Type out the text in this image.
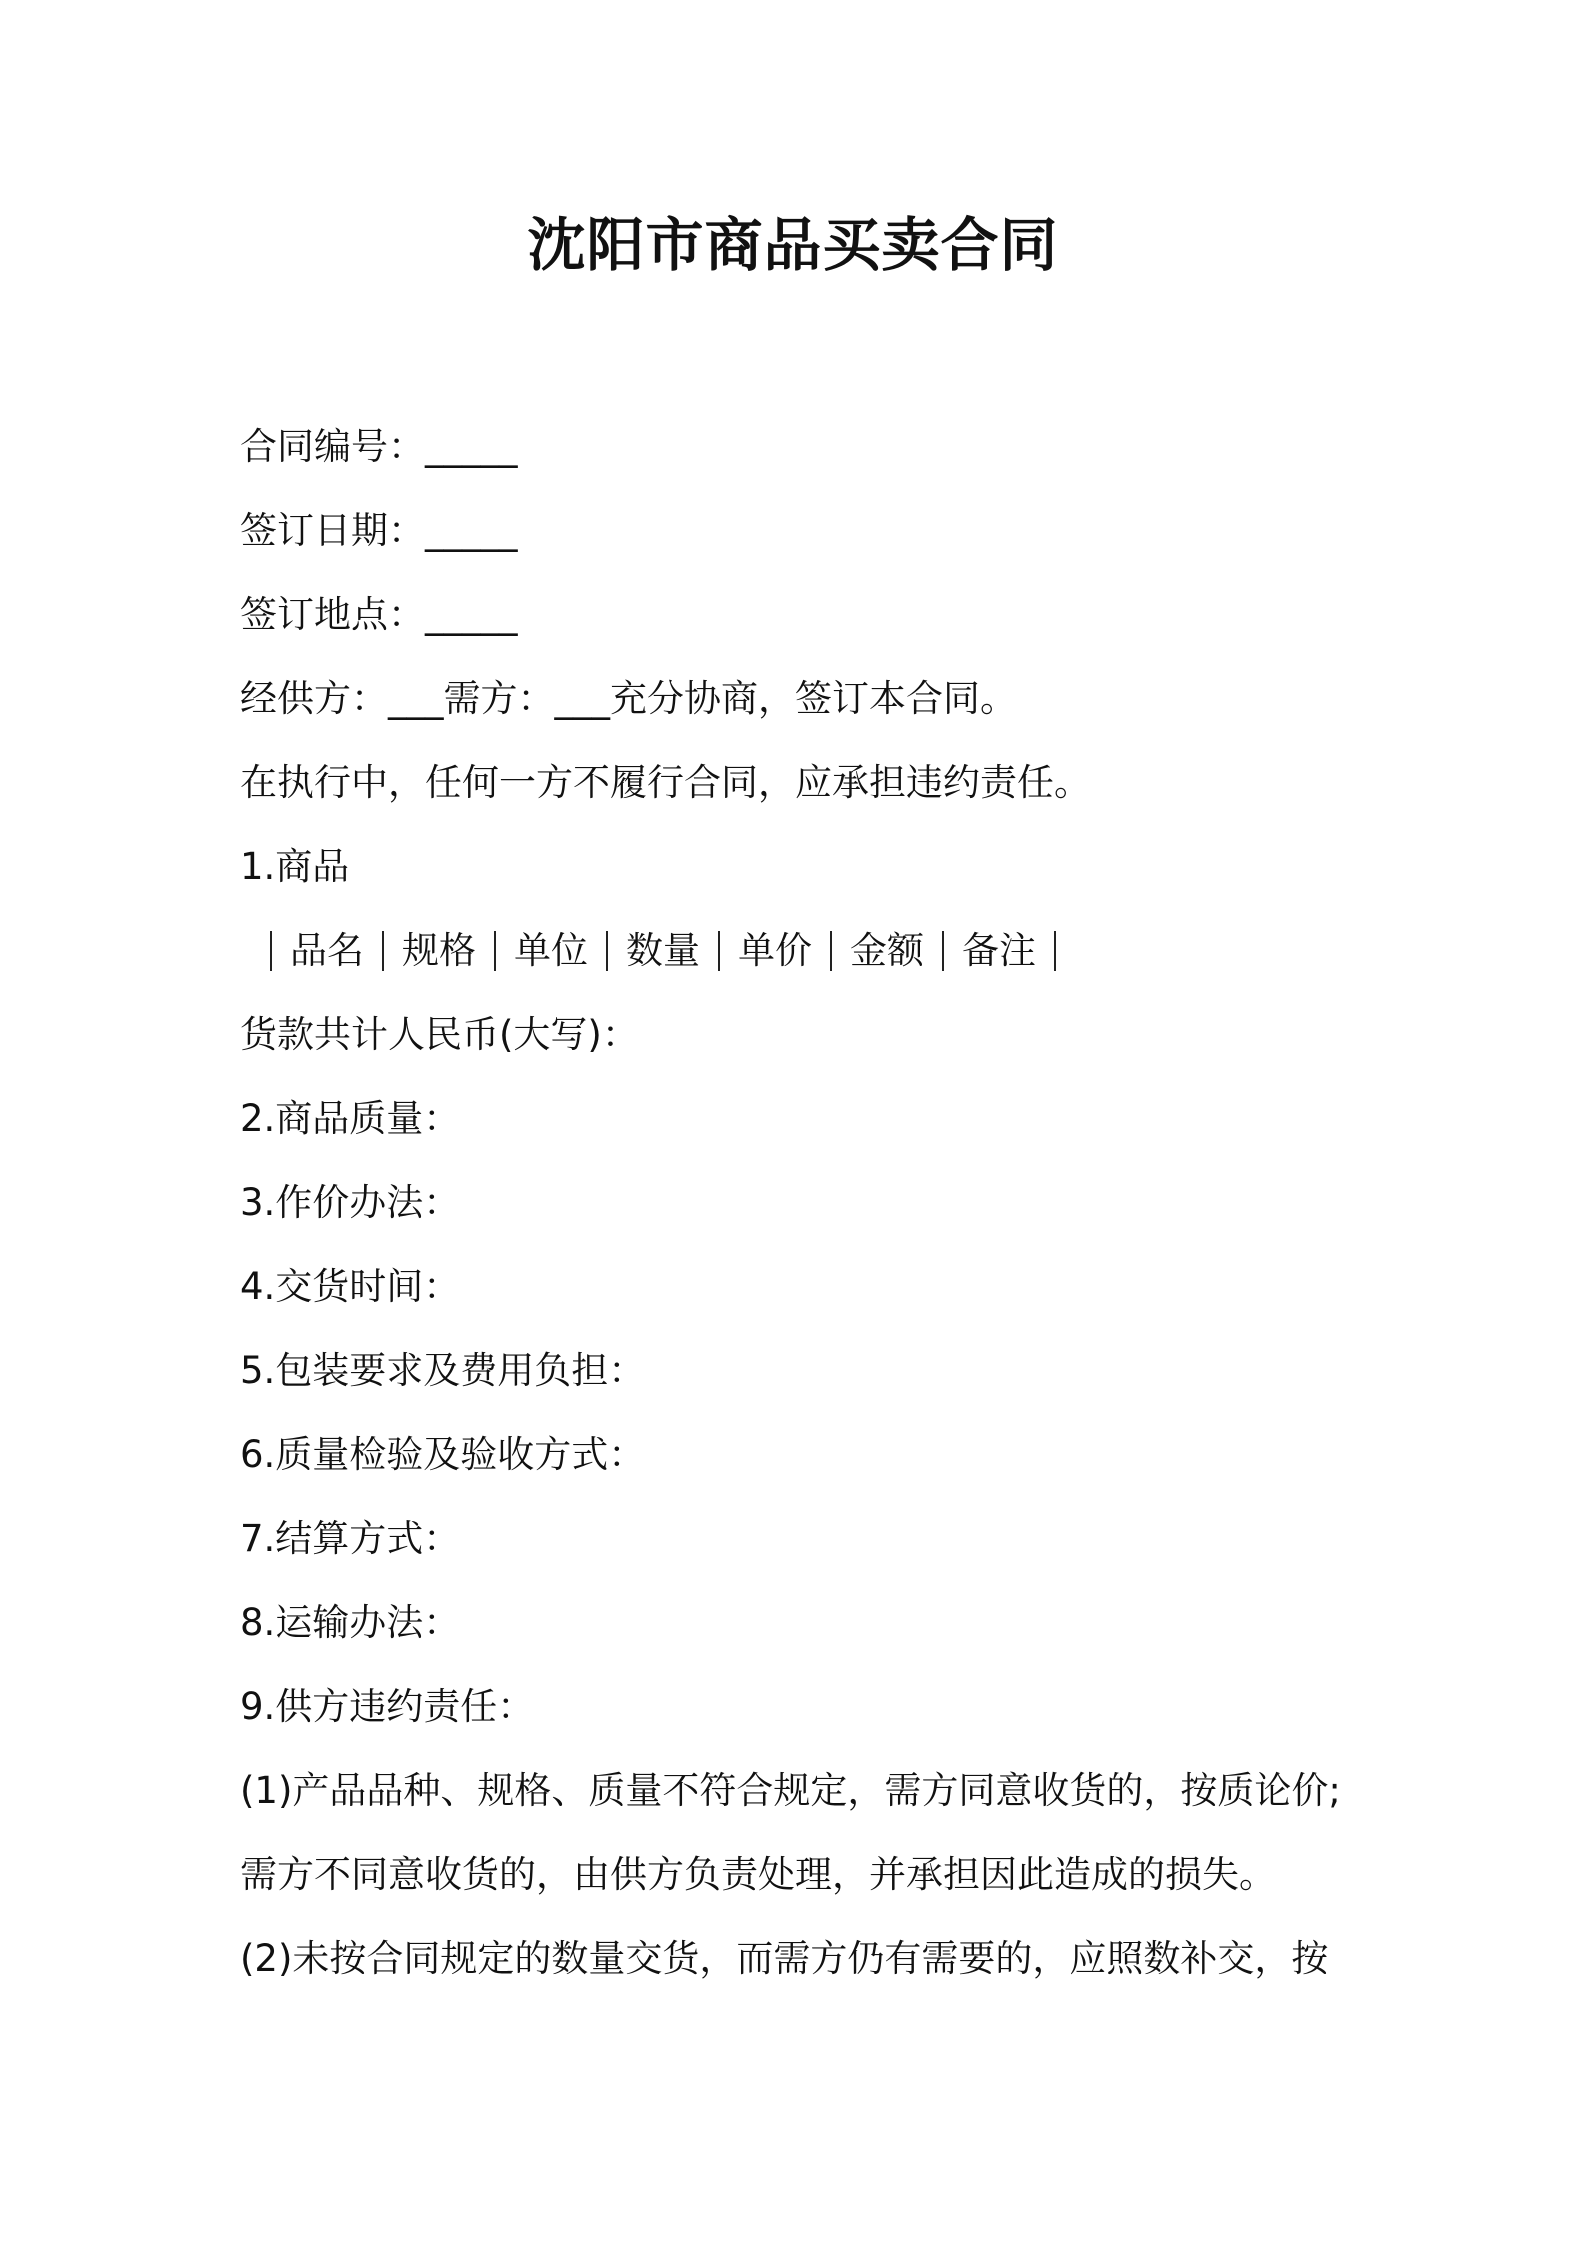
沈阳市商品买卖合同
合同编号：_____
签订日期：_____
签订地点：_____
经供方：___需方：___充分协商，签订本合同。
在执行中，任何一方不履行合同，应承担违约责任。
1.商品
品名 规格 单位 数量 单价 金额 备注
货款共计人民币(大写)：
2.商品质量：
3.作价办法：
4.交货时间：
5.包装要求及费用负担：
6.质量检验及验收方式：
7.结算方式：
8.运输办法：
9.供方违约责任：
(1)产品品种、规格、质量不符合规定，需方同意收货的，按质论价;
需方不同意收货的，由供方负责处理，并承担因此造成的损失。
(2)未按合同规定的数量交货，而需方仍有需要的，应照数补交，按
